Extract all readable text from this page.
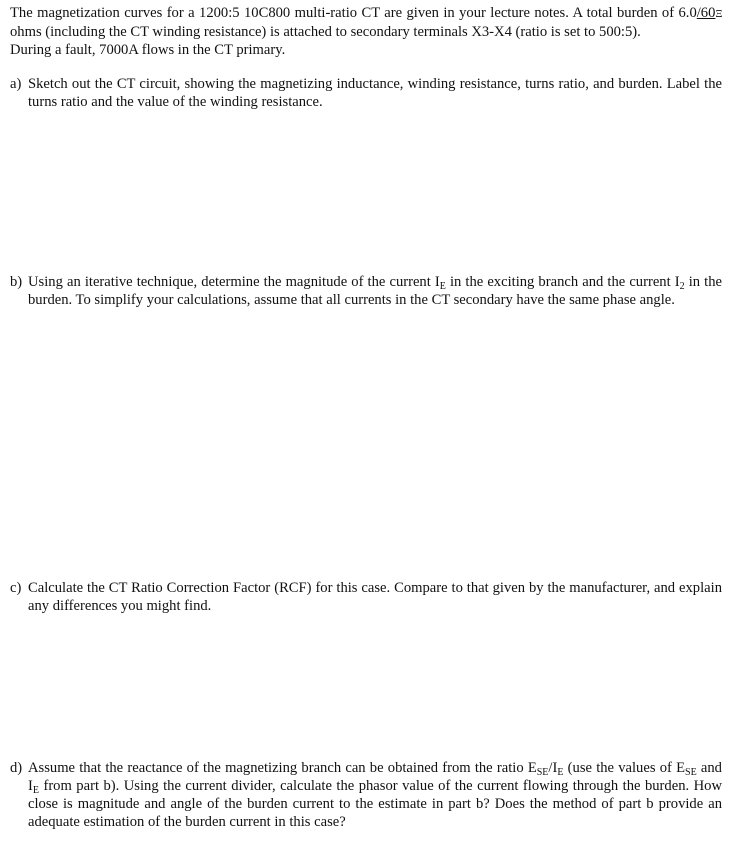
The magnetization curves for a 1200:5 10C800 multi-ratio CT are given in your lecture notes. A total burden of 6.0/60Ξ ohms (including the CT winding resistance) is attached to secondary terminals X3-X4 (ratio is set to 500:5).
During a fault, 7000A flows in the CT primary.
a) Sketch out the CT circuit, showing the magnetizing inductance, winding resistance, turns ratio, and burden. Label the turns ratio and the value of the winding resistance.
b) Using an iterative technique, determine the magnitude of the current $I_E$ in the exciting branch and the current $I_2$ in the burden. To simplify your calculations, assume that all currents in the CT secondary have the same phase angle.
c) Calculate the CT Ratio Correction Factor (RCF) for this case. Compare to that given by the manufacturer, and explain any differences you might find.
d) Assume that the reactance of the magnetizing branch can be obtained from the ratio $E_{SE}/I_E$ (use the values of $E_{SE}$ and $I_E$ from part b). Using the current divider, calculate the phasor value of the current flowing through the burden. How close is magnitude and angle of the burden current to the estimate in part b? Does the method of part b provide an adequate estimation of the burden current in this case?
